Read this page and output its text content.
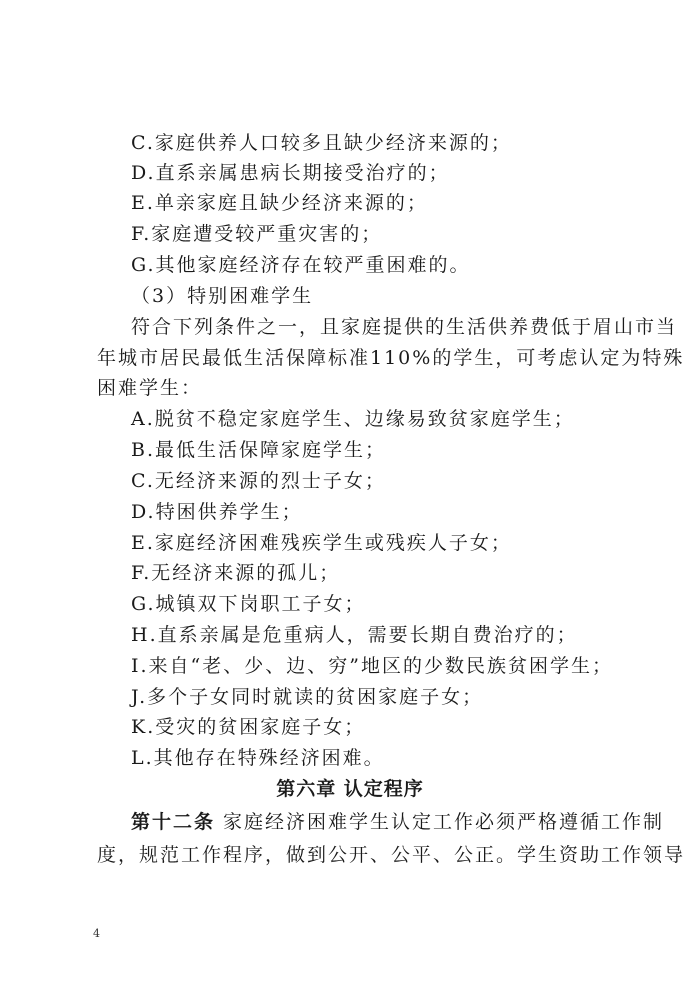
C.家庭供养人口较多且缺少经济来源的；
D.直系亲属患病长期接受治疗的；
E.单亲家庭且缺少经济来源的；
F.家庭遭受较严重灾害的；
G.其他家庭经济存在较严重困难的。
（3）特别困难学生
符合下列条件之一，且家庭提供的生活供养费低于眉山市当
年城市居民最低生活保障标准110%的学生，可考虑认定为特殊
困难学生：
A.脱贫不稳定家庭学生、边缘易致贫家庭学生；
B.最低生活保障家庭学生；
C.无经济来源的烈士子女；
D.特困供养学生；
E.家庭经济困难残疾学生或残疾人子女；
F.无经济来源的孤儿；
G.城镇双下岗职工子女；
H.直系亲属是危重病人，需要长期自费治疗的；
I.来自“老、少、边、穷”地区的少数民族贫困学生；
J.多个子女同时就读的贫困家庭子女；
K.受灾的贫困家庭子女；
L.其他存在特殊经济困难。
第六章 认定程序
第十二条 家庭经济困难学生认定工作必须严格遵循工作制
度，规范工作程序，做到公开、公平、公正。学生资助工作领导
4
